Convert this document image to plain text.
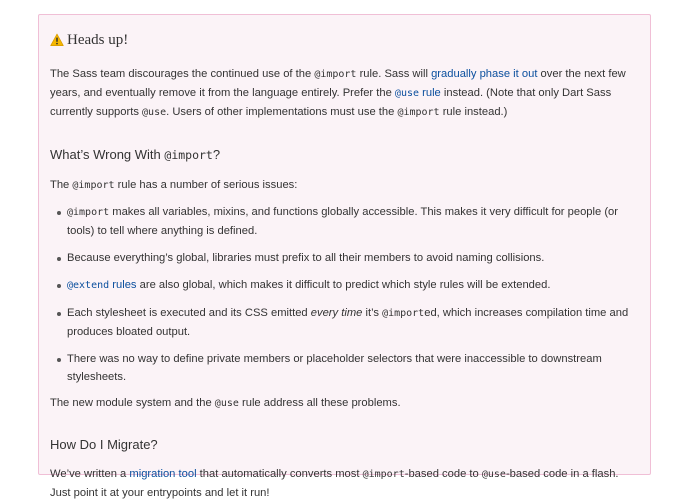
Heads up!

The Sass team discourages the continued use of the @import rule. Sass will gradually phase it out over the next few years, and eventually remove it from the language entirely. Prefer the @use rule instead. (Note that only Dart Sass currently supports @use. Users of other implementations must use the @import rule instead.)

What’s Wrong With @import?

The @import rule has a number of serious issues:

@import makes all variables, mixins, and functions globally accessible. This makes it very difficult for people (or tools) to tell where anything is defined.
Because everything’s global, libraries must prefix to all their members to avoid naming collisions.
@extend rules are also global, which makes it difficult to predict which style rules will be extended.
Each stylesheet is executed and its CSS emitted every time it’s @imported, which increases compilation time and produces bloated output.
There was no way to define private members or placeholder selectors that were inaccessible to downstream stylesheets.

The new module system and the @use rule address all these problems.

How Do I Migrate?

We’ve written a migration tool that automatically converts most @import-based code to @use-based code in a flash. Just point it at your entrypoints and let it run!
